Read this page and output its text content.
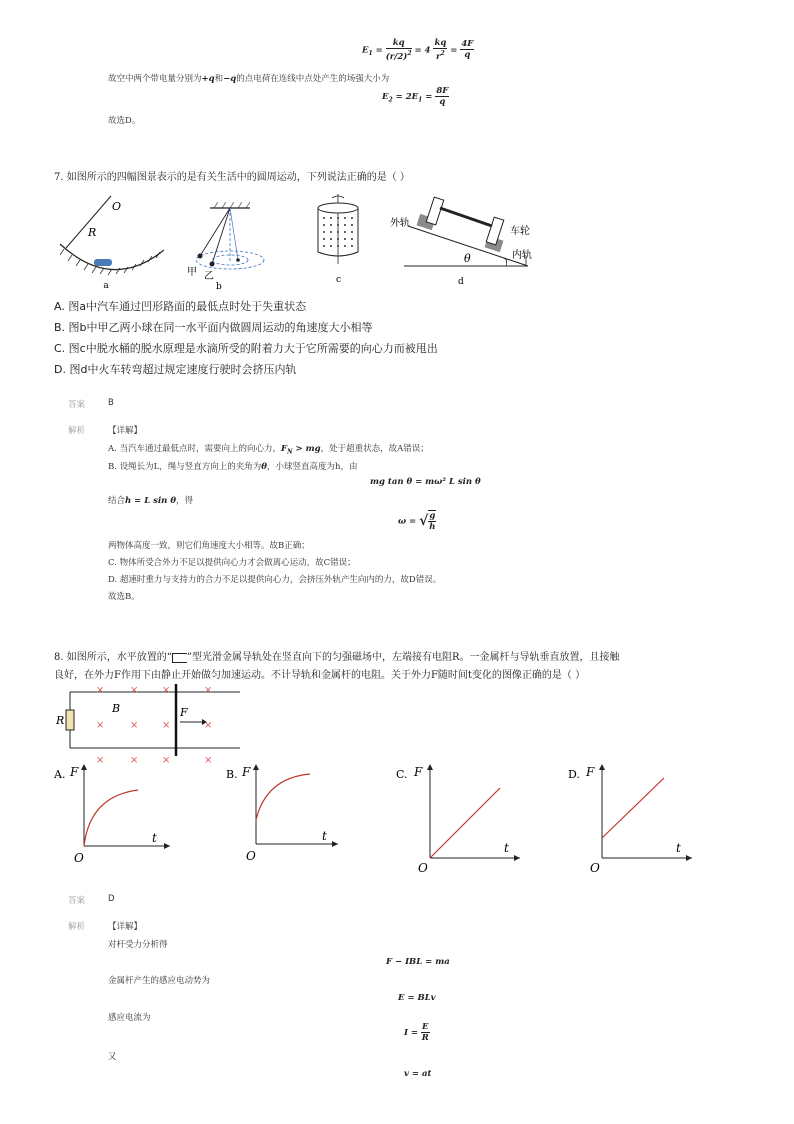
$E_1 = \frac{kq}{(r/2)^2} = 4 \frac{kq}{r^2} = \frac{4F}{q}$
故空中两个带电量分别为+q和−q的点电荷在连线中点处产生的场强大小为
$E_2 = 2E_1 = \frac{8F}{q}$
故选D。
7. 如图所示的四幅图景表示的是有关生活中的圆周运动，下列说法正确的是（ ）
O
R
a
甲 乙
b
c
外轨
车轮
内轨
θ
d
A. 图a中汽车通过凹形路面的最低点时处于失重状态
B. 图b中甲乙两小球在同一水平面内做圆周运动的角速度大小相等
C. 图c中脱水桶的脱水原理是水滴所受的附着力大于它所需要的向心力而被甩出
D. 图d中火车转弯超过规定速度行驶时会挤压内轨
答案	B
解析	【详解】
A. 当汽车通过最低点时，需要向上的向心力，$F_N$ > mg，处于超重状态，故A错误；
B. 设绳长为L，绳与竖直方向上的夹角为θ，小球竖直高度为h，由
mg tan θ = mω² L sin θ
结合h = L sin θ，得
ω = √ $\frac{g}{h}$
两物体高度一致，则它们角速度大小相等。故B正确；
C. 物体所受合外力不足以提供向心力才会做离心运动，故C错误；
D. 超速时重力与支持力的合力不足以提供向心力，会挤压外轨产生向内的力，故D错误。
故选B。
8. 如图所示，水平放置的“ ”型光滑金属导轨处在竖直向下的匀强磁场中，左端接有电阻R。一金属杆与导轨垂直放置，且接触
良好，在外力F作用下由静止开始做匀加速运动。不计导轨和金属杆的电阻。关于外力F随时间t变化的图像正确的是（ ）
R
B	F
×	× ×	×
×	× ×	×
×	× ×	×
A. F
t
O
B. F
t
O
C. F
t
O
D. F
t
O
答案	D
解析	【详解】
对杆受力分析得
F − IBL = ma
金属杆产生的感应电动势为
E = BLv
感应电流为
$I = \frac{E}{R}$
又
v = at
